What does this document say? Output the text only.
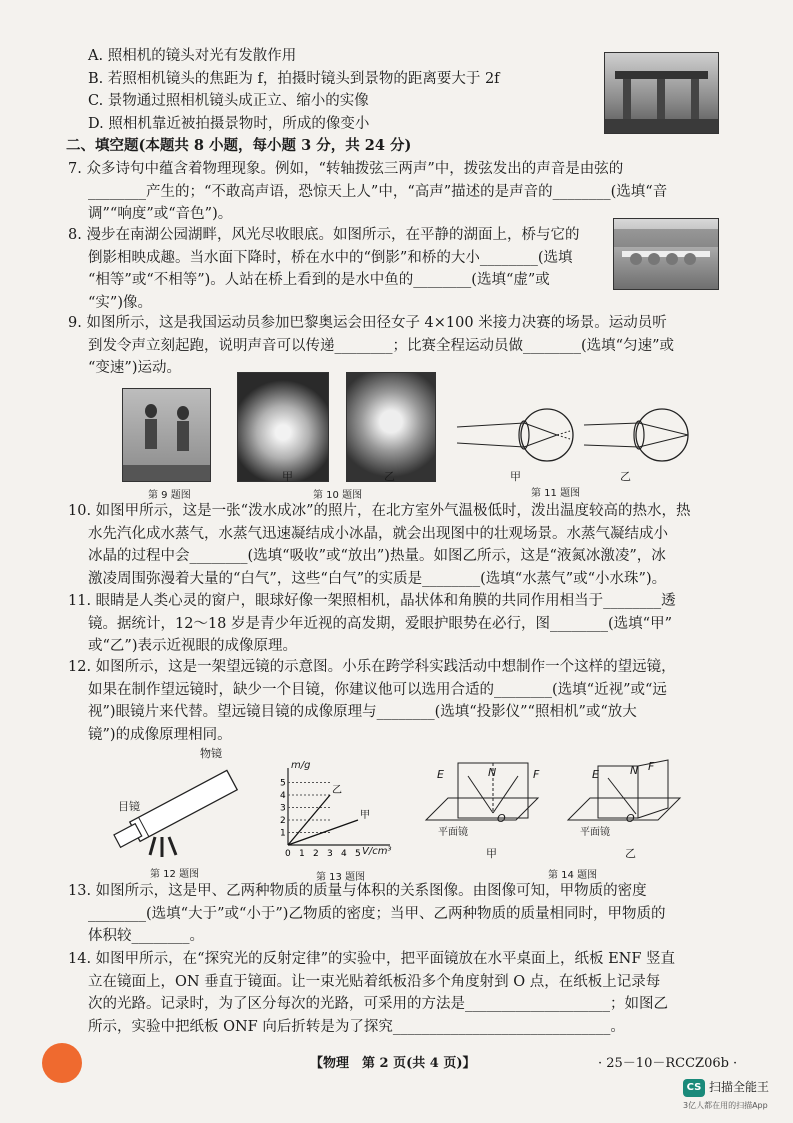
A. 照相机的镜头对光有发散作用
B. 若照相机镜头的焦距为 f，拍摄时镜头到景物的距离要大于 2f
C. 景物通过照相机镜头成正立、缩小的实像
D. 照相机靠近被拍摄景物时，所成的像变小
二、填空题(本题共 8 小题，每小题 3 分，共 24 分)
7. 众多诗句中蕴含着物理现象。例如，“转轴拨弦三两声”中，拨弦发出的声音是由弦的
________产生的；“不敢高声语，恐惊天上人”中，“高声”描述的是声音的________(选填“音
调”“响度”或“音色”)。
8. 漫步在南湖公园湖畔，风光尽收眼底。如图所示，在平静的湖面上，桥与它的
倒影相映成趣。当水面下降时，桥在水中的“倒影”和桥的大小________(选填
“相等”或“不相等”)。人站在桥上看到的是水中鱼的________(选填“虚”或
“实”)像。
9. 如图所示，这是我国运动员参加巴黎奥运会田径女子 4×100 米接力决赛的场景。运动员听
到发令声立刻起跑，说明声音可以传递________；比赛全程运动员做________(选填“匀速”或
“变速”)运动。
甲	乙	甲	乙
第 9 题图	第 10 题图	第 11 题图
10. 如图甲所示，这是一张“泼水成冰”的照片，在北方室外气温极低时，泼出温度较高的热水，热
水先汽化成水蒸气，水蒸气迅速凝结成小冰晶，就会出现图中的壮观场景。水蒸气凝结成小
冰晶的过程中会________(选填“吸收”或“放出”)热量。如图乙所示，这是“液氮冰激凌”，冰
激凌周围弥漫着大量的“白气”，这些“白气”的实质是________(选填“水蒸气”或“小水珠”)。
11. 眼睛是人类心灵的窗户，眼球好像一架照相机，晶状体和角膜的共同作用相当于________透
镜。据统计，12～18 岁是青少年近视的高发期，爱眼护眼势在必行，图________(选填“甲”
或“乙”)表示近视眼的成像原理。
12. 如图所示，这是一架望远镜的示意图。小乐在跨学科实践活动中想制作一个这样的望远镜，
如果在制作望远镜时，缺少一个目镜，你建议他可以选用合适的________(选填“近视”或“远
视”)眼镜片来代替。望远镜目镜的成像原理与________(选填“投影仪”“照相机”或“放大
镜”)的成像原理相同。
物镜
目镜
第 12 题图
1
2
3
4
5
0 1 2 3 4 5
乙
甲
m/g
V/cm³
第 13 题图
E	N	F
O
平面镜
E	N F
O
平面镜
甲	乙
第 14 题图
13. 如图所示，这是甲、乙两种物质的质量与体积的关系图像。由图像可知，甲物质的密度
________(选填“大于”或“小于”)乙物质的密度；当甲、乙两种物质的质量相同时，甲物质的
体积较________。
14. 如图甲所示，在“探究光的反射定律”的实验中，把平面镜放在水平桌面上，纸板 ENF 竖直
立在镜面上，ON 垂直于镜面。让一束光贴着纸板沿多个角度射到 O 点，在纸板上记录每
次的光路。记录时，为了区分每次的光路，可采用的方法是____________________；如图乙
所示，实验中把纸板 ONF 向后折转是为了探究______________________________。
【物理　第 2 页(共 4 页)】	· 25－10－RCCZ06b ·
CS 扫描全能王
3亿人都在用的扫描App
